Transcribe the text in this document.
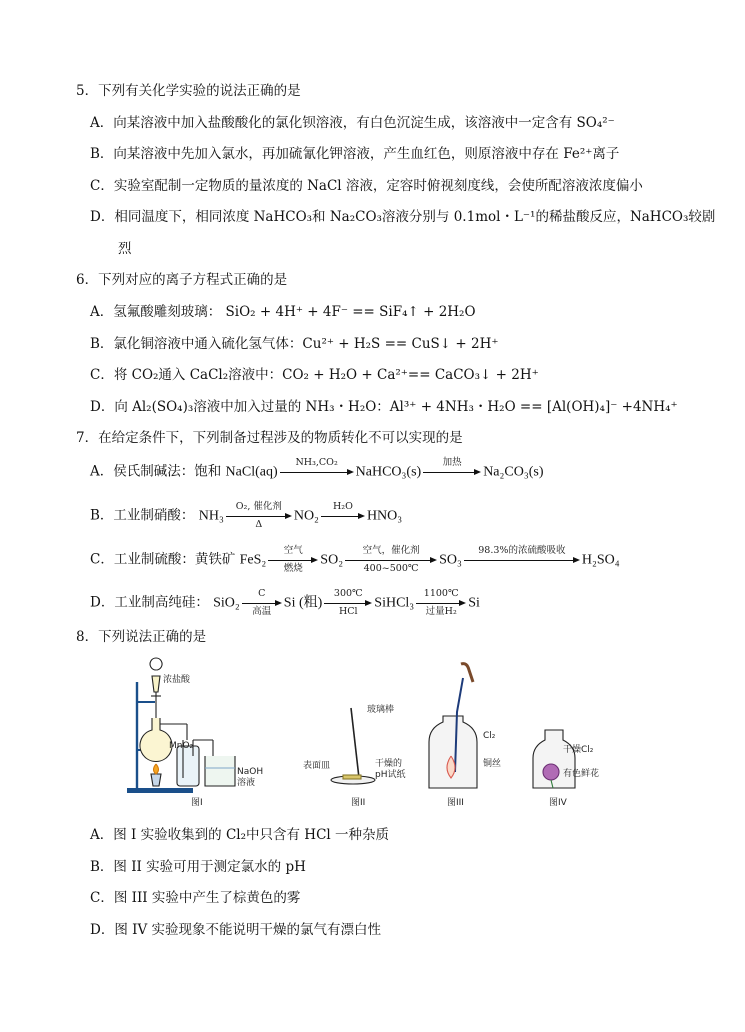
5．下列有关化学实验的说法正确的是
A．向某溶液中加入盐酸酸化的氯化钡溶液，有白色沉淀生成，该溶液中一定含有 SO₄²⁻
B．向某溶液中先加入氯水，再加硫氰化钾溶液，产生血红色，则原溶液中存在 Fe²⁺离子
C．实验室配制一定物质的量浓度的 NaCl 溶液，定容时俯视刻度线，会使所配溶液浓度偏小
D．相同温度下，相同浓度 NaHCO₃和 Na₂CO₃溶液分别与 0.1mol・L⁻¹的稀盐酸反应，NaHCO₃较剧
烈
6．下列对应的离子方程式正确的是
A．氢氟酸雕刻玻璃： SiO₂ + 4H⁺ + 4F⁻ == SiF₄↑ + 2H₂O
B．氯化铜溶液中通入硫化氢气体：Cu²⁺ + H₂S == CuS↓ + 2H⁺
C．将 CO₂通入 CaCl₂溶液中：CO₂ + H₂O + Ca²⁺== CaCO₃↓ + 2H⁺
D．向 Al₂(SO₄)₃溶液中加入过量的 NH₃・H₂O：Al³⁺ + 4NH₃・H₂O == [Al(OH)₄]⁻ +4NH₄⁺
7．在给定条件下，下列制备过程涉及的物质转化不可以实现的是
A．侯氏制碱法：饱和 NaCl(aq)
NH₃,CO₂

NaHCO₃(s)
加热

Na₂CO₃(s)
B．工业制硝酸： NH₃
O₂, 催化剂
Δ
NO₂
H₂O

HNO₃
C．工业制硫酸：黄铁矿 FeS₂
空气
燃烧
SO₂
空气，催化剂
400~500℃
SO₃
98.3%的浓硫酸吸收

H₂SO₄
D．工业制高纯硅： SiO₂
C
高温
Si (粗)
300℃
HCl
SiHCl₃
1100℃
过量H₂
Si
8．下列说法正确的是
浓盐酸
MnO₂
NaOH
溶液
图I
玻璃棒
表面皿	干燥的
pH试纸
图II
Cl₂
铜丝
图III
干燥Cl₂
有色鲜花
图IV
A．图 I 实验收集到的 Cl₂中只含有 HCl 一种杂质
B．图 II 实验可用于测定氯水的 pH
C．图 III 实验中产生了棕黄色的雾
D．图 IV 实验现象不能说明干燥的氯气有漂白性
